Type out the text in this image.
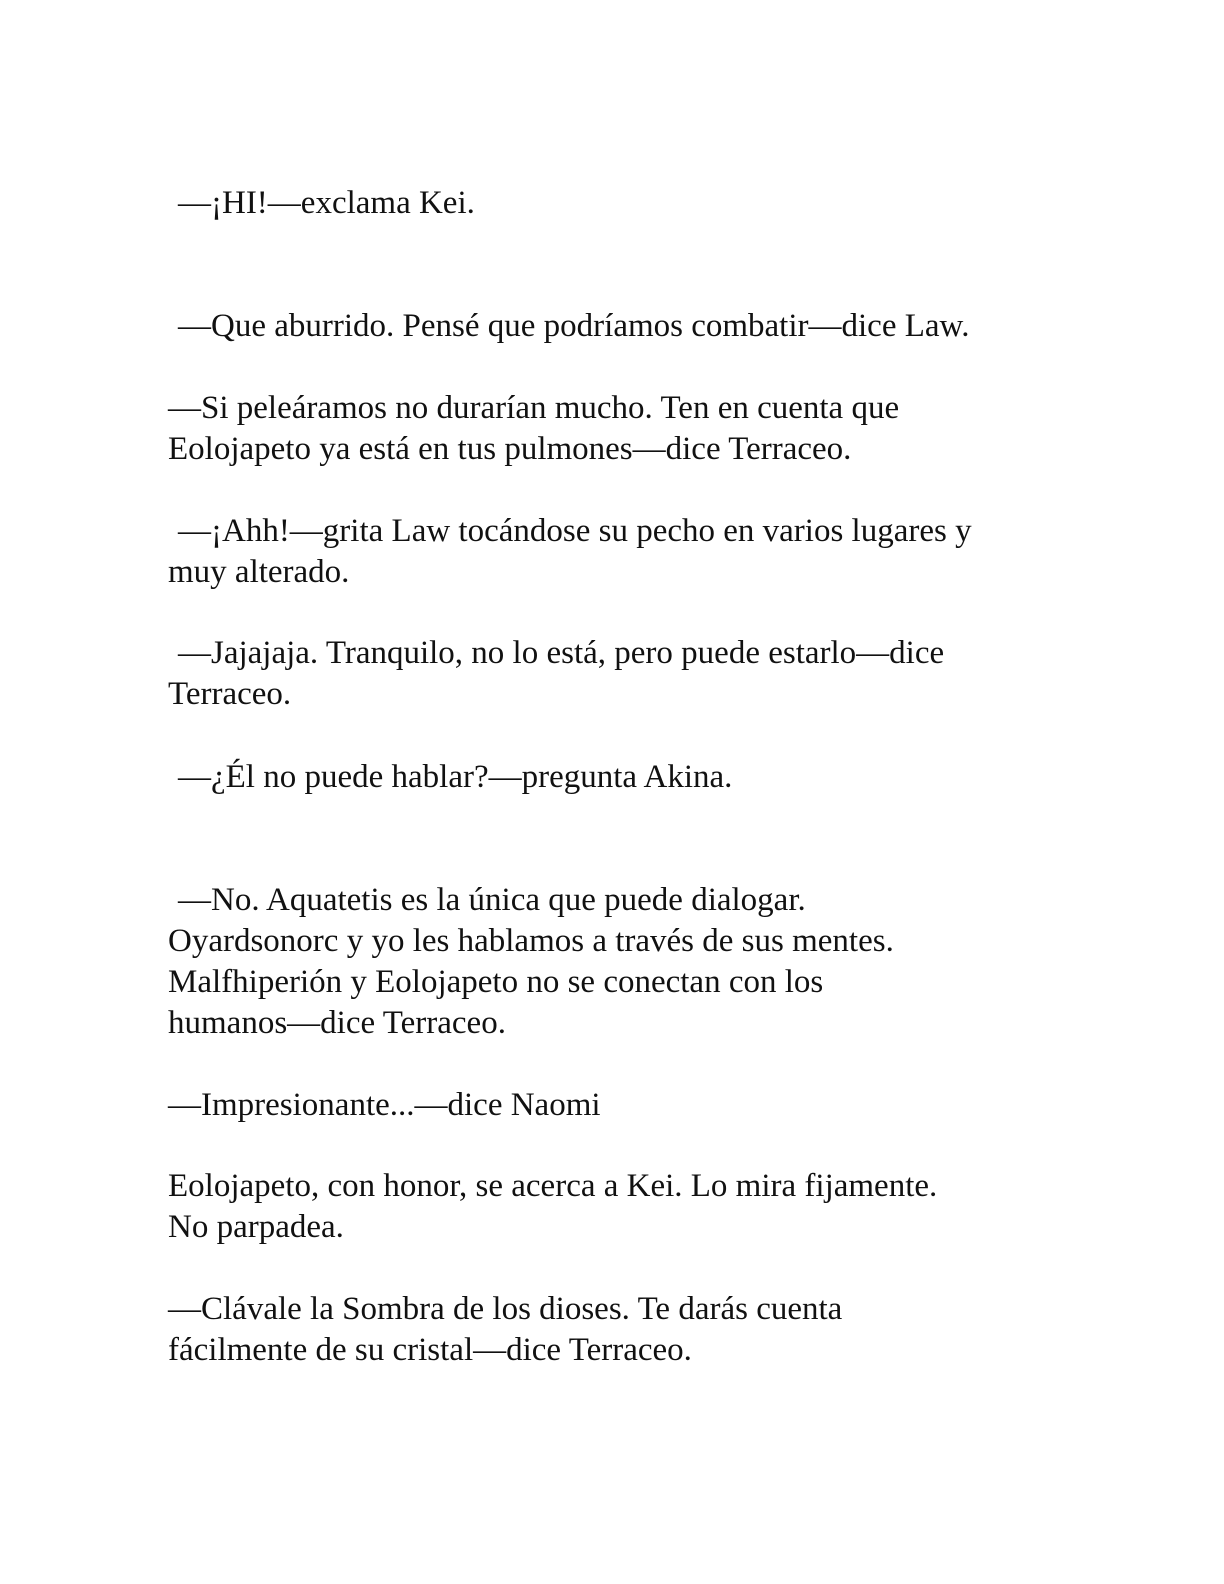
—¡HI!—exclama Kei.

—Que aburrido. Pensé que podríamos combatir—dice Law.

—Si peleáramos no durarían mucho. Ten en cuenta que
Eolojapeto ya está en tus pulmones—dice Terraceo.

—¡Ahh!—grita Law tocándose su pecho en varios lugares y
muy alterado.

—Jajajaja. Tranquilo, no lo está, pero puede estarlo—dice
Terraceo.

—¿Él no puede hablar?—pregunta Akina.

—No. Aquatetis es la única que puede dialogar.
Oyardsonorc y yo les hablamos a través de sus mentes.
Malfhiperión y Eolojapeto no se conectan con los
humanos—dice Terraceo.

—Impresionante...—dice Naomi

Eolojapeto, con honor, se acerca a Kei. Lo mira fijamente.
No parpadea.

—Clávale la Sombra de los dioses. Te darás cuenta
fácilmente de su cristal—dice Terraceo.
